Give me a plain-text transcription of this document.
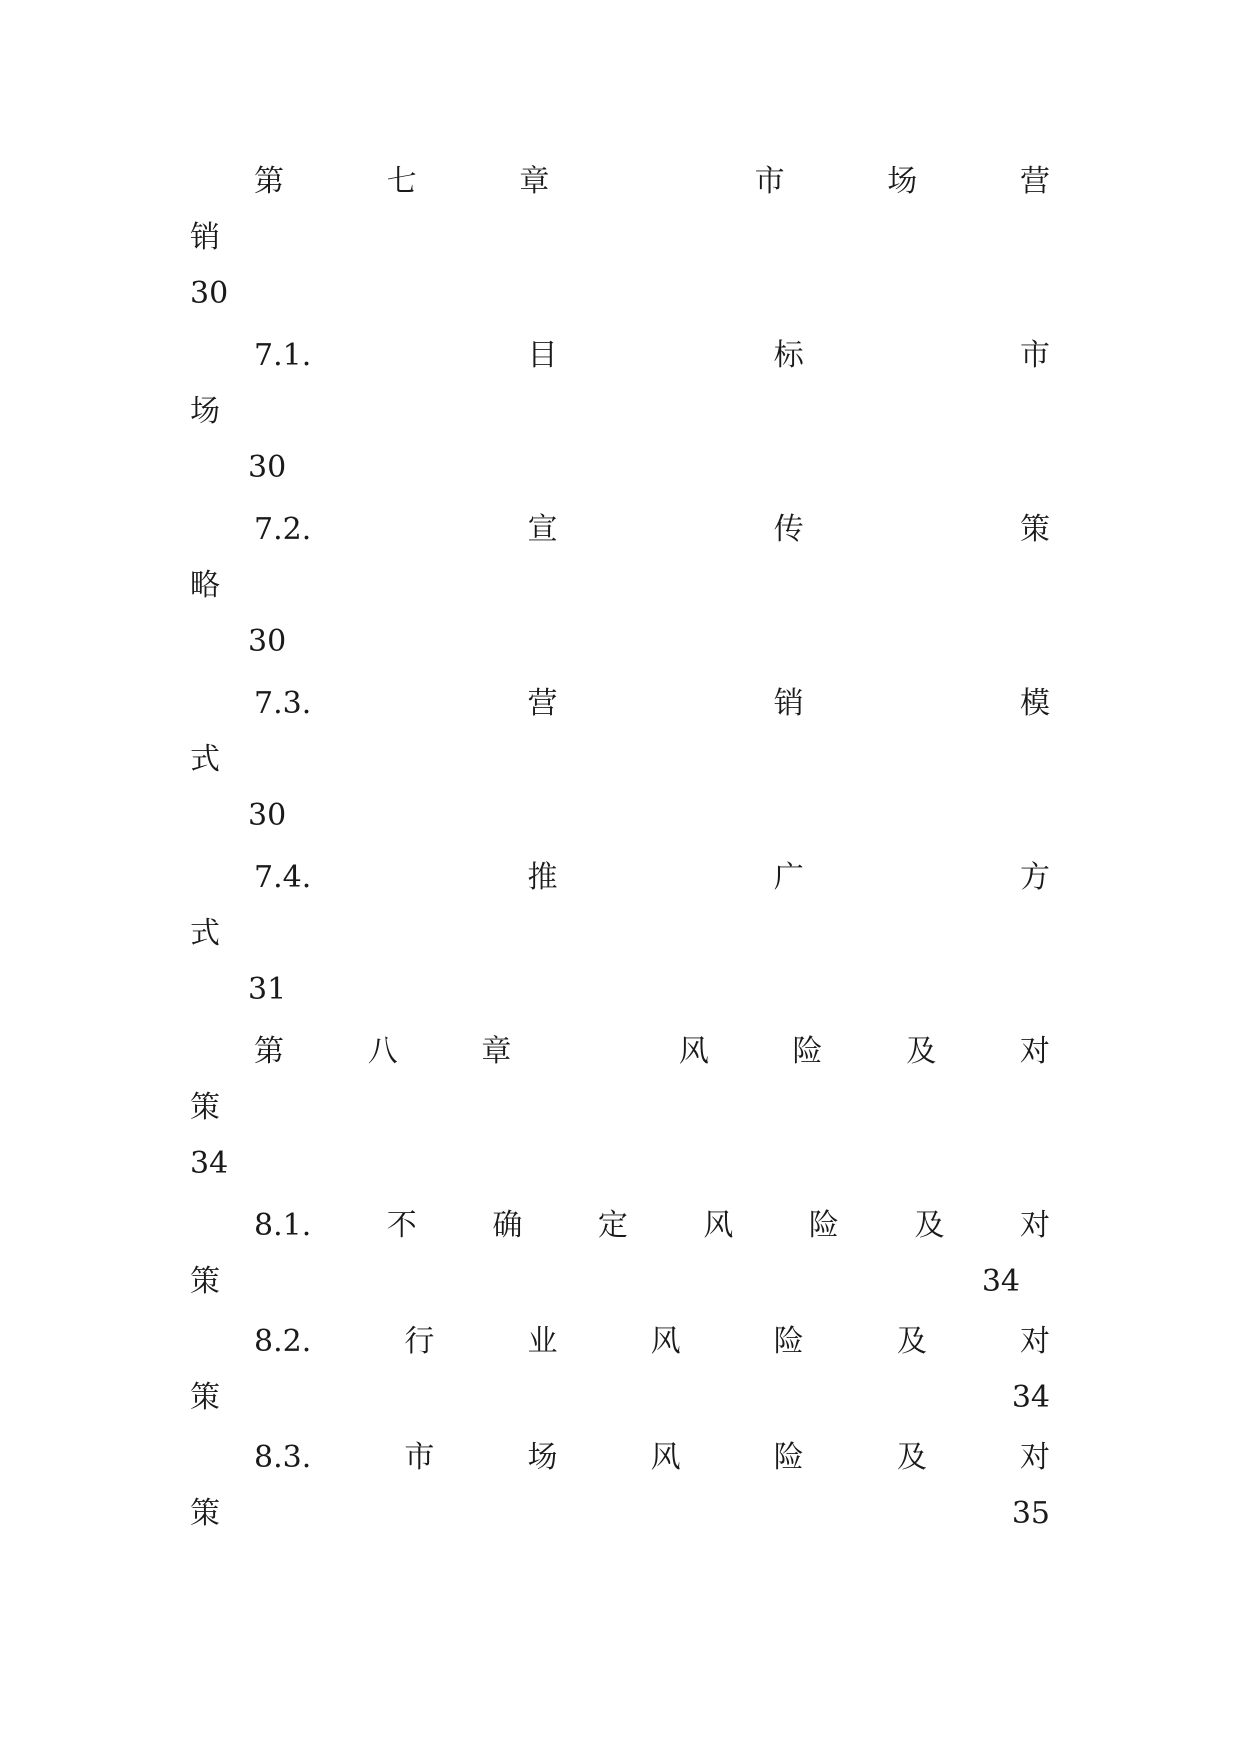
第	七	章	市	场	营
销
30
7.1.	目	标	市
场
30
7.2.	宣	传	策
略
30
7.3.	营	销	模
式
30
7.4.	推	广	方
式
31
第	八	章	风	险	及	对
策
34
8.1.	不	确	定	风	险	及	对
策	34
8.2.	行	业	风	险	及	对
策	34
8.3.	市	场	风	险	及	对
策	35
